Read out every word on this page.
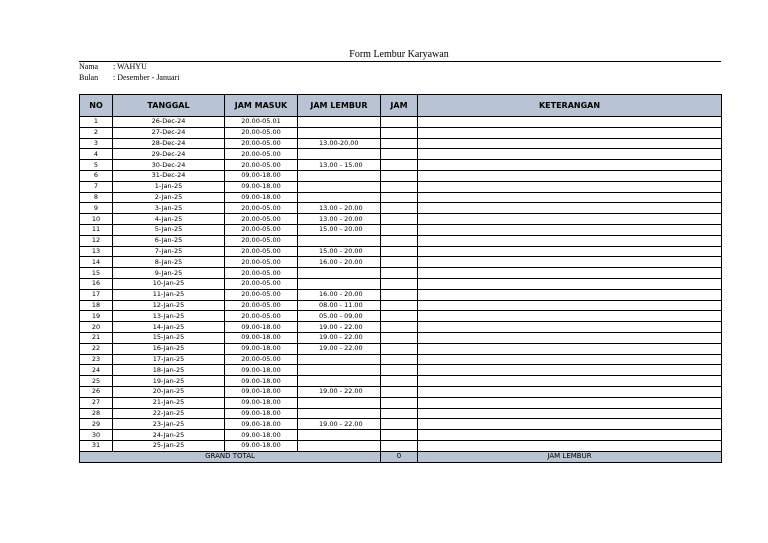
Form Lembur Karyawan
Nama : WAHYU
Bulan : Desember - Januari
NO	TANGGAL	JAM MASUK	JAM LEMBUR	JAM	KETERANGAN
1	26-Dec-24	20.00-05.01			
2	27-Dec-24	20.00-05.00			
3	28-Dec-24	20.00-05.00	13.00-20.00		
4	29-Dec-24	20.00-05.00			
5	30-Dec-24	20.00-05.00	13.00 - 15.00		
6	31-Dec-24	09.00-18.00			
7	1-Jan-25	09.00-18.00			
8	2-Jan-25	09.00-18.00			
9	3-Jan-25	20.00-05.00	13.00 - 20.00		
10	4-Jan-25	20.00-05.00	13.00 - 20.00		
11	5-Jan-25	20.00-05.00	15.00 - 20.00		
12	6-Jan-25	20.00-05.00			
13	7-Jan-25	20.00-05.00	15.00 - 20.00		
14	8-Jan-25	20.00-05.00	16.00 - 20.00		
15	9-Jan-25	20.00-05.00			
16	10-Jan-25	20.00-05.00			
17	11-Jan-25	20.00-05.00	16.00 - 20.00		
18	12-Jan-25	20.00-05.00	08.00 - 11.00		
19	13-Jan-25	20.00-05.00	05.00 - 09.00		
20	14-Jan-25	09.00-18.00	19.00 - 22.00		
21	15-Jan-25	09.00-18.00	19.00 - 22.00		
22	16-Jan-25	09.00-18.00	19.00 - 22.00		
23	17-Jan-25	20.00-05.00			
24	18-Jan-25	09.00-18.00			
25	19-Jan-25	09.00-18.00			
26	20-Jan-25	09.00-18.00	19.00 - 22.00		
27	21-Jan-25	09.00-18.00			
28	22-Jan-25	09.00-18.00			
29	23-Jan-25	09.00-18.00	19.00 - 22.00		
30	24-Jan-25	09.00-18.00			
31	25-Jan-25	09.00-18.00			
GRAND TOTAL				0	JAM LEMBUR
